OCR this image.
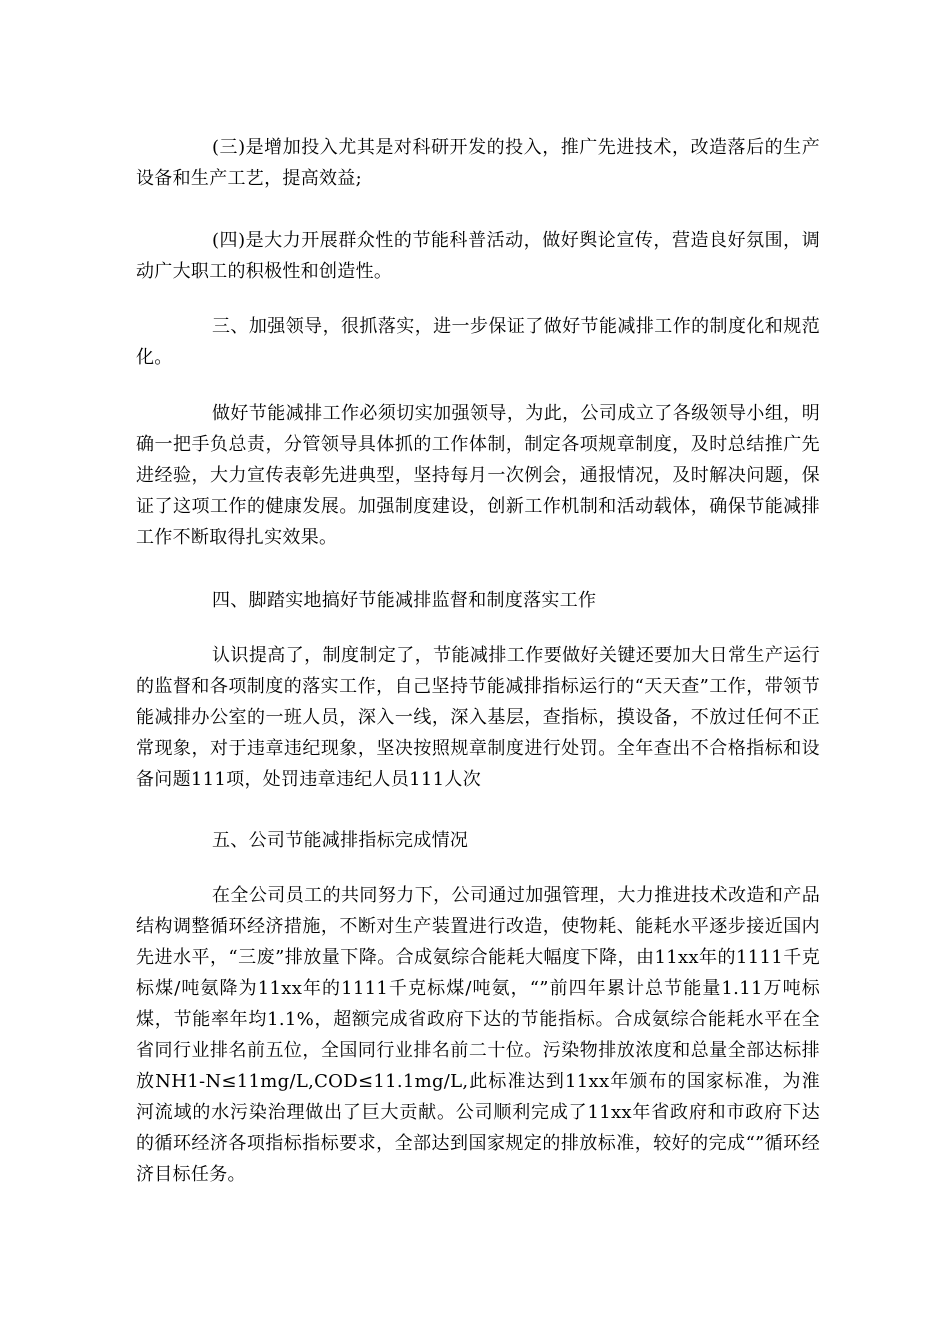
(三)是增加投入尤其是对科研开发的投入，推广先进技术，改造落后的生产设备和生产工艺，提高效益;

(四)是大力开展群众性的节能科普活动，做好舆论宣传，营造良好氛围，调动广大职工的积极性和创造性。

三、加强领导，很抓落实，进一步保证了做好节能减排工作的制度化和规范化。

做好节能减排工作必须切实加强领导，为此，公司成立了各级领导小组，明确一把手负总责，分管领导具体抓的工作体制，制定各项规章制度，及时总结推广先进经验，大力宣传表彰先进典型，坚持每月一次例会，通报情况，及时解决问题，保证了这项工作的健康发展。加强制度建设，创新工作机制和活动载体，确保节能减排工作不断取得扎实效果。

四、脚踏实地搞好节能减排监督和制度落实工作

认识提高了，制度制定了，节能减排工作要做好关键还要加大日常生产运行的监督和各项制度的落实工作，自己坚持节能减排指标运行的“天天查”工作，带领节能减排办公室的一班人员，深入一线，深入基层，查指标，摸设备，不放过任何不正常现象，对于违章违纪现象，坚决按照规章制度进行处罚。全年查出不合格指标和设备问题111项，处罚违章违纪人员111人次

五、公司节能减排指标完成情况

在全公司员工的共同努力下，公司通过加强管理，大力推进技术改造和产品结构调整循环经济措施，不断对生产装置进行改造，使物耗、能耗水平逐步接近国内先进水平，“三废”排放量下降。合成氨综合能耗大幅度下降，由11xx年的1111千克标煤/吨氨降为11xx年的1111千克标煤/吨氨，“”前四年累计总节能量1.11万吨标煤，节能率年均1.1%，超额完成省政府下达的节能指标。合成氨综合能耗水平在全省同行业排名前五位，全国同行业排名前二十位。污染物排放浓度和总量全部达标排放NH1-N≤11mg/L,COD≤11.1mg/L,此标准达到11xx年颁布的国家标准，为淮河流域的水污染治理做出了巨大贡献。公司顺利完成了11xx年省政府和市政府下达的循环经济各项指标指标要求，全部达到国家规定的排放标准，较好的完成“”循环经济目标任务。
